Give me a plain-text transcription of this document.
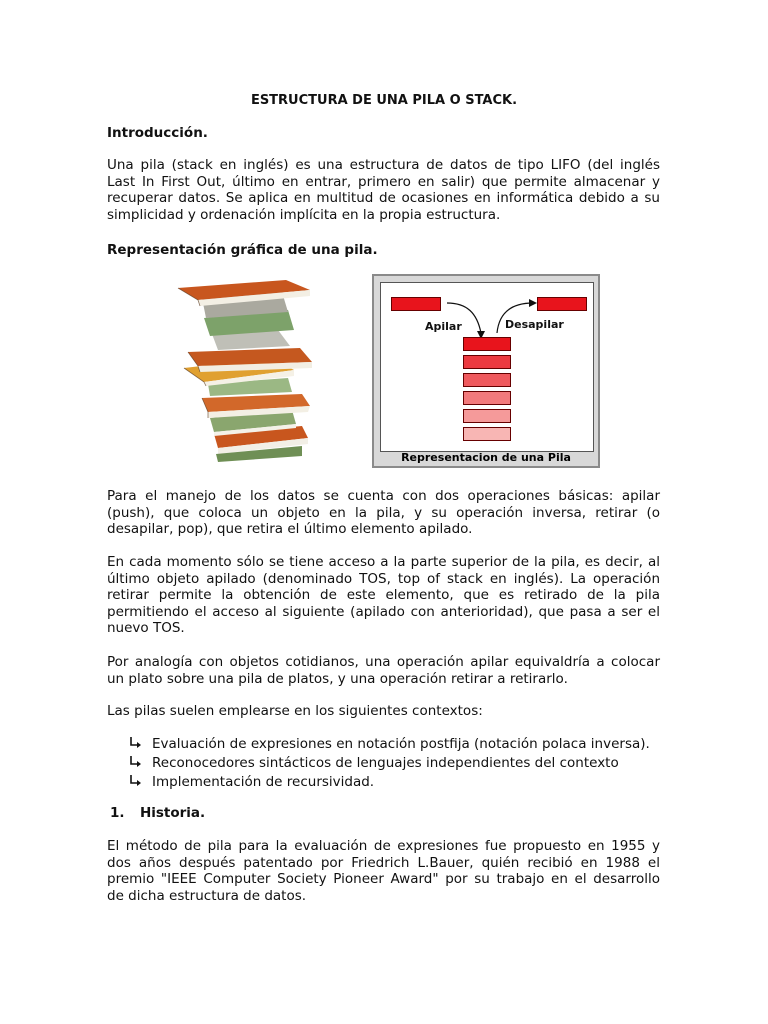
ESTRUCTURA DE UNA PILA O STACK.
Introducción.
Una pila (stack en inglés) es una estructura de datos de tipo LIFO (del inglés
Last In First Out, último en entrar, primero en salir) que permite almacenar y
recuperar datos. Se aplica en multitud de ocasiones en informática debido a su
simplicidad y ordenación implícita en la propia estructura.
Representación gráfica de una pila.
Apilar	Desapilar
Representacion de una Pila
Para el manejo de los datos se cuenta con dos operaciones básicas: apilar
(push), que coloca un objeto en la pila, y su operación inversa, retirar (o
desapilar, pop), que retira el último elemento apilado.
En cada momento sólo se tiene acceso a la parte superior de la pila, es decir, al
último objeto apilado (denominado TOS, top of stack en inglés). La operación
retirar permite la obtención de este elemento, que es retirado de la pila
permitiendo el acceso al siguiente (apilado con anterioridad), que pasa a ser el
nuevo TOS.
Por analogía con objetos cotidianos, una operación apilar equivaldría a colocar
un plato sobre una pila de platos, y una operación retirar a retirarlo.
Las pilas suelen emplearse en los siguientes contextos:
Evaluación de expresiones en notación postfija (notación polaca inversa).
Reconocedores sintácticos de lenguajes independientes del contexto
Implementación de recursividad.
1. Historia.
El método de pila para la evaluación de expresiones fue propuesto en 1955 y
dos años después patentado por Friedrich L.Bauer, quién recibió en 1988 el
premio "IEEE Computer Society Pioneer Award" por su trabajo en el desarrollo
de dicha estructura de datos.
